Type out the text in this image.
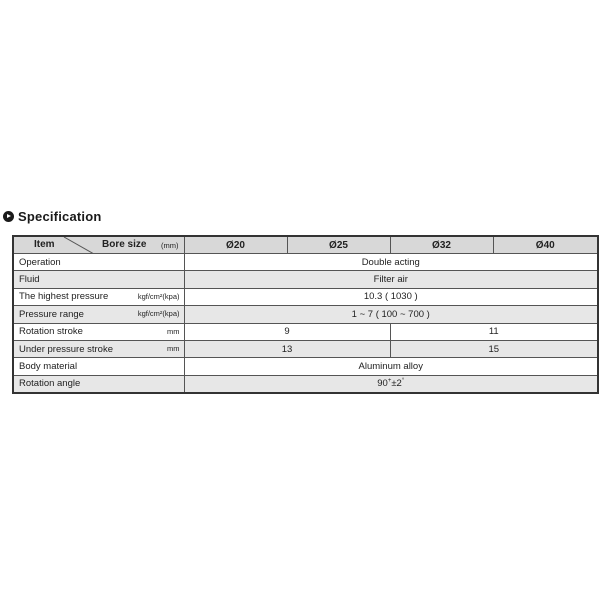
Specification
Item Bore size (mm)	Ø20	Ø25	Ø32	Ø40
Operation	Double acting			
Fluid	Filter air			
The highest pressure kgf/cm²(kpa)	10.3 ( 1030 )			
Pressure range kgf/cm²(kpa)	1 ~ 7 ( 100 ~ 700 )			
Rotation stroke mm	9		11	
Under pressure stroke mm	13		15	
Body material	Aluminum alloy			
Rotation angle	90+±2°
